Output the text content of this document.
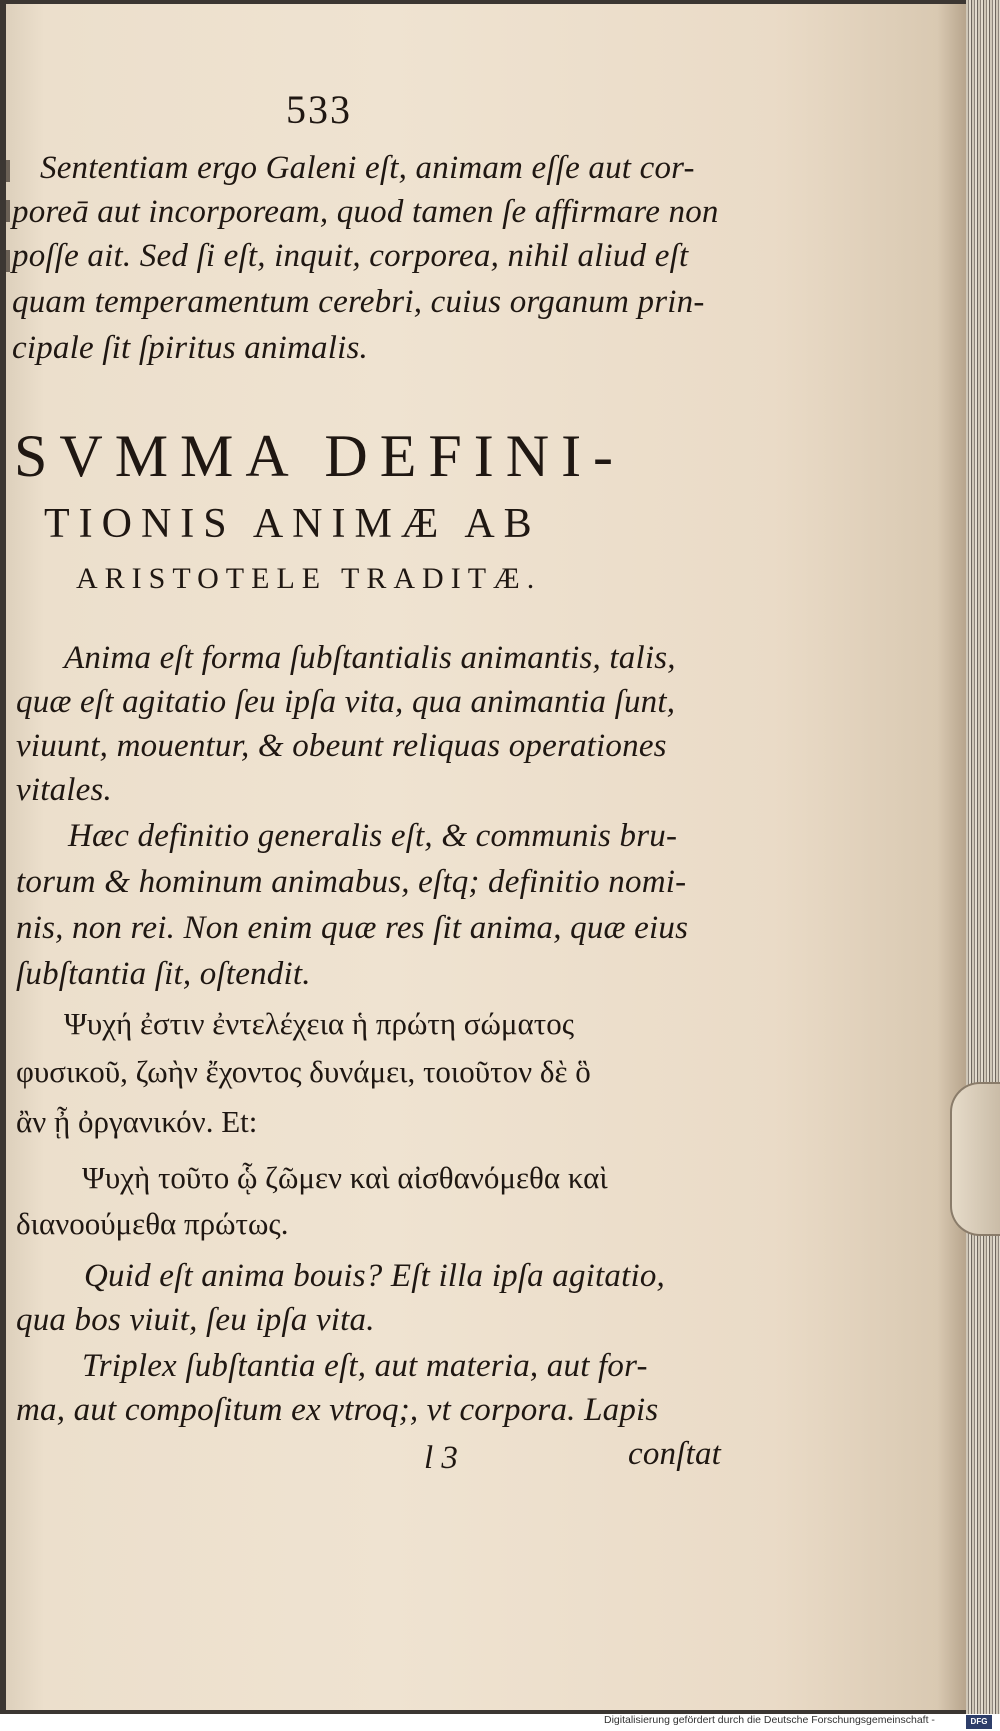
533
Sententiam ergo Galeni eſt, animam eſſe aut cor-
poreā aut incorpoream, quod tamen ſe affirmare non
poſſe ait. Sed ſi eſt, inquit, corporea, nihil aliud eſt
quam temperamentum cerebri, cuius organum prin-
cipale ſit ſpiritus animalis.
SVMMA DEFINI-
TIONIS ANIMÆ AB
ARISTOTELE TRADITÆ.
Anima eſt forma ſubſtantialis animantis, talis,
quæ eſt agitatio ſeu ipſa vita, qua animantia ſunt,
viuunt, mouentur, & obeunt reliquas operationes
vitales.
Hæc definitio generalis eſt, & communis bru-
torum & hominum animabus, eſtq; definitio nomi-
nis, non rei. Non enim quæ res ſit anima, quæ eius
ſubſtantia ſit, oſtendit.
Ψυχή ἐστιν ἐντελέχεια ἡ πρώτη σώματος
φυσικοῦ, ζωὴν ἔχοντος δυνάμει, τοιοῦτον δὲ ὃ
ἂν ᾖ ὀργανικόν. Et:
Ψυχὴ τοῦτο ᾧ ζῶμεν καὶ αἰσθανόμεθα καὶ
διανοούμεθα πρώτως.
Quid eſt anima bouis? Eſt illa ipſa agitatio,
qua bos viuit, ſeu ipſa vita.
Triplex ſubſtantia eſt, aut materia, aut for-
ma, aut compoſitum ex vtroq;, vt corpora. Lapis
l 3	conſtat
Digitalisierung gefördert durch die Deutsche Forschungsgemeinschaft -	DFG
